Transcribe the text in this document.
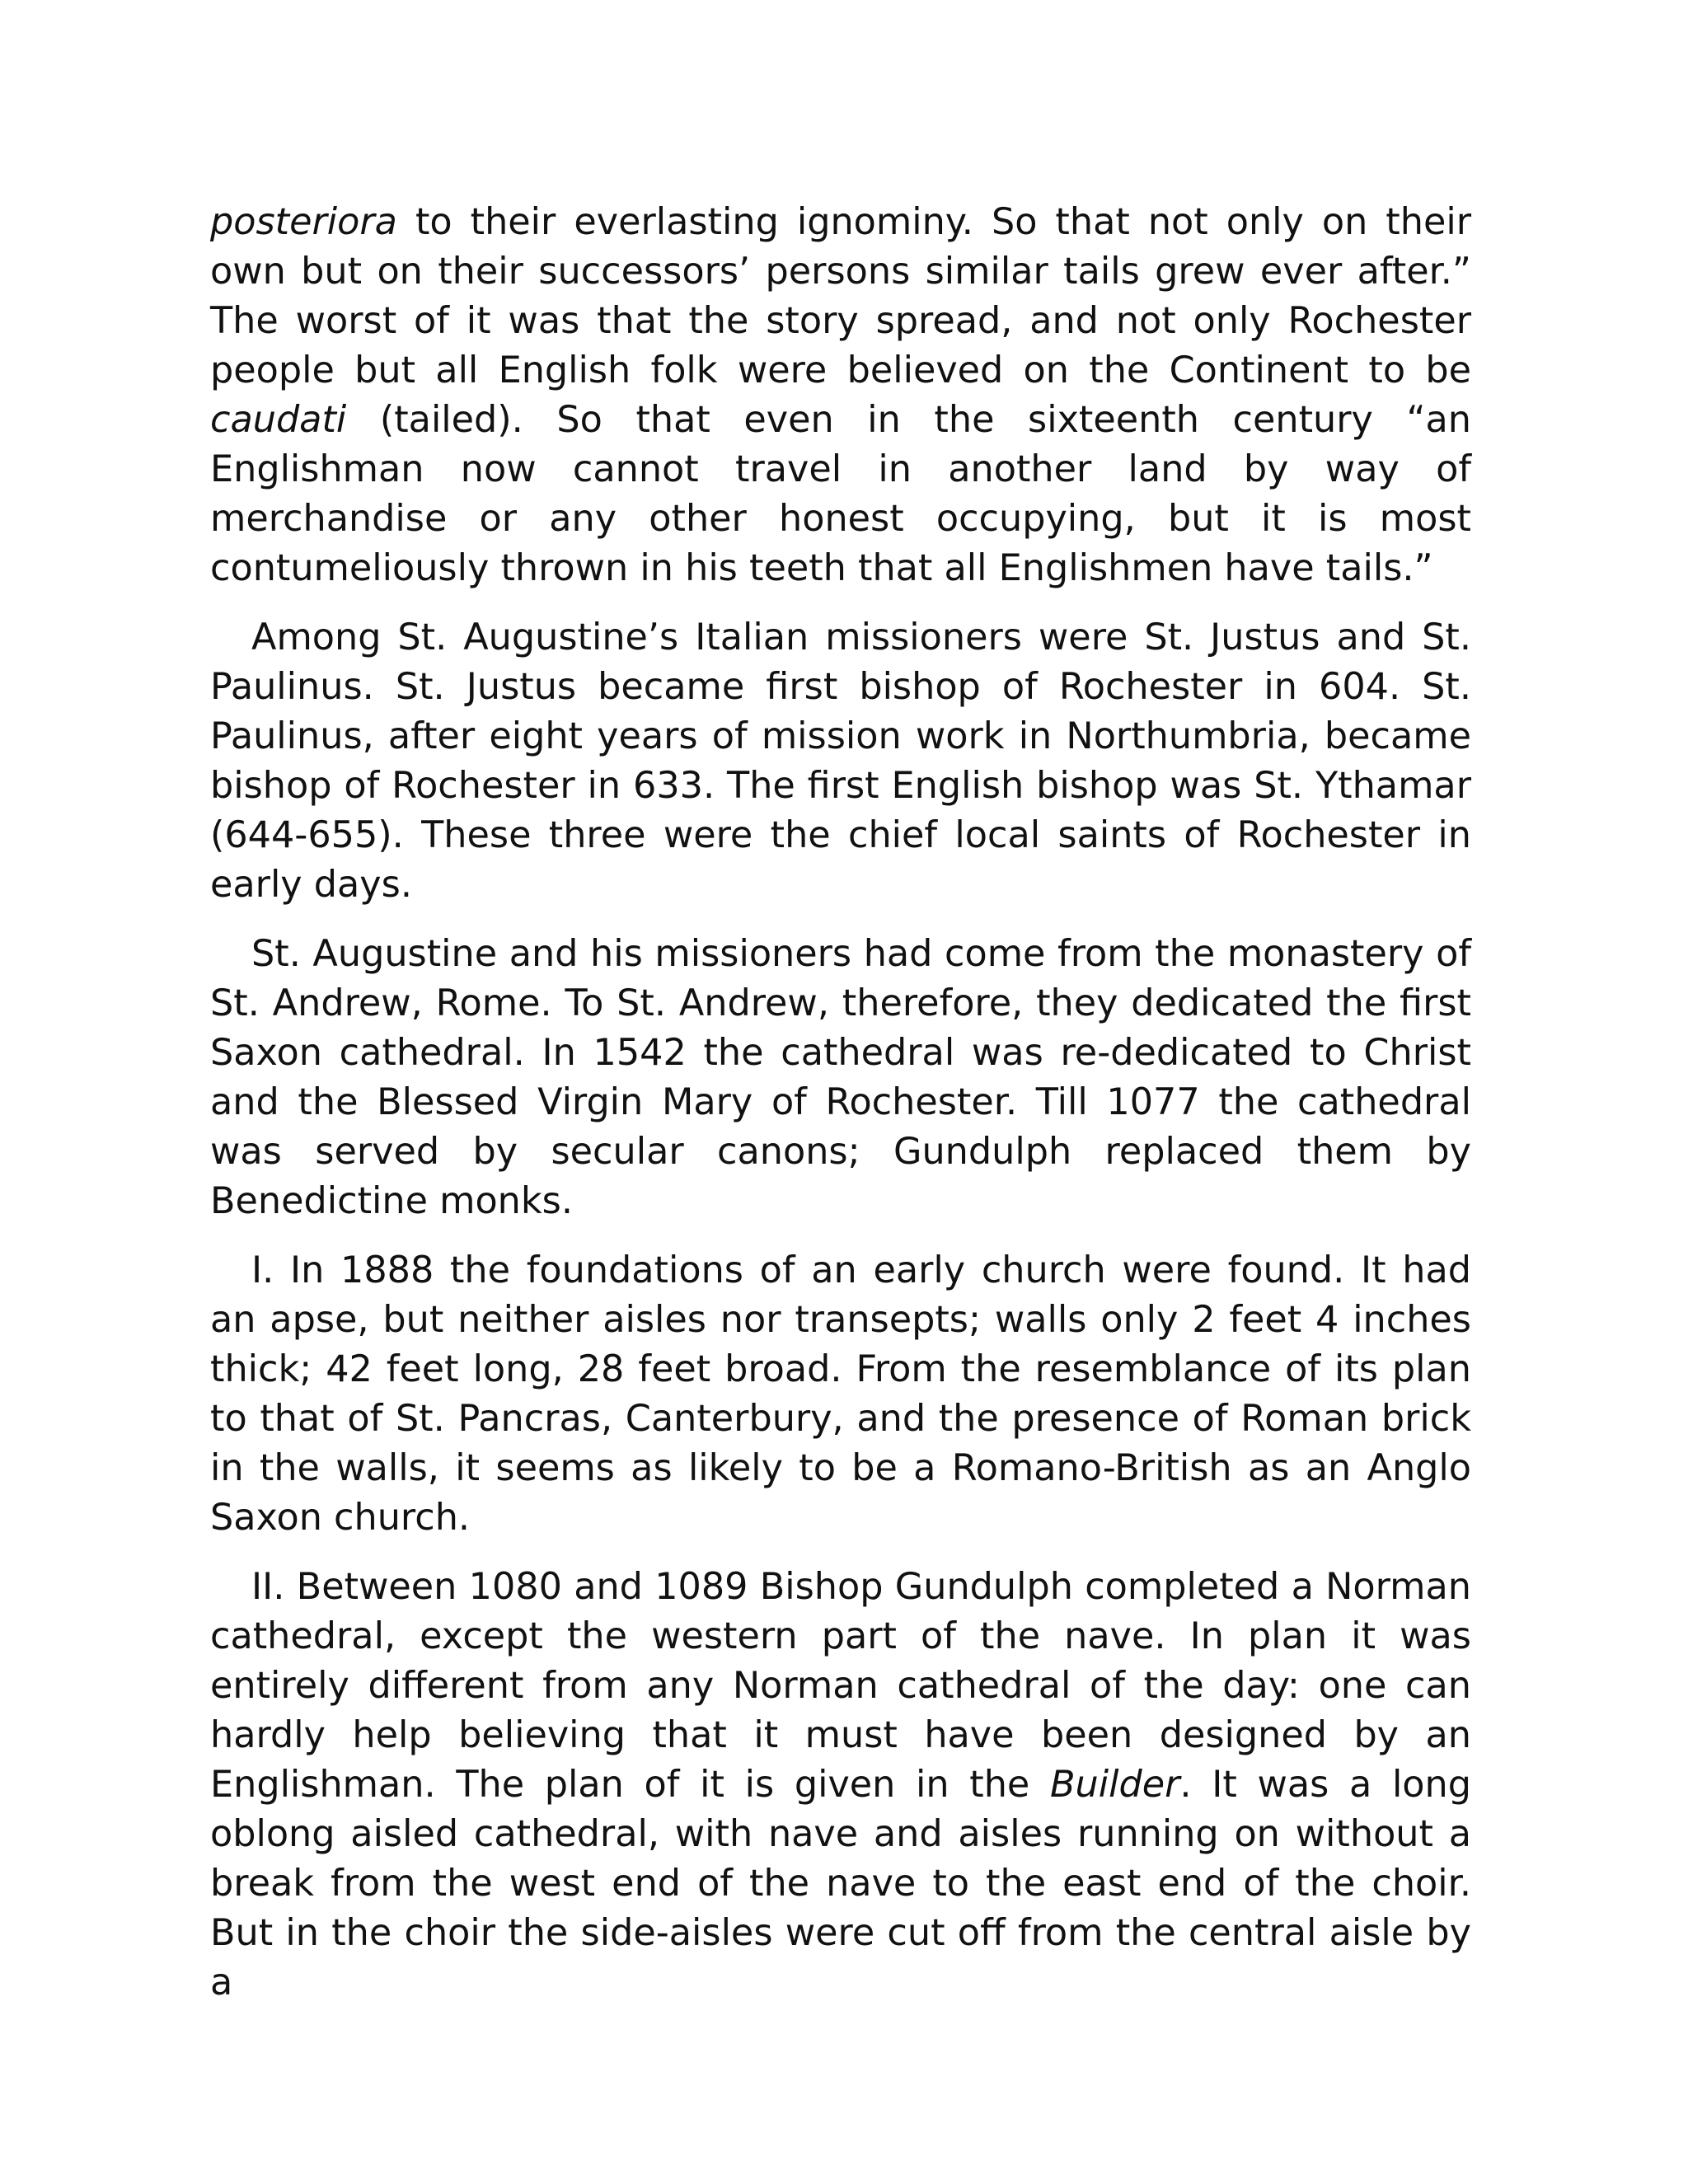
posteriora to their everlasting ignominy. So that not only on their own but on their successors’ persons similar tails grew ever after.” The worst of it was that the story spread, and not only Rochester people but all English folk were believed on the Continent to be caudati (tailed). So that even in the sixteenth century “an Englishman now cannot travel in another land by way of merchandise or any other honest occupying, but it is most contumeliously thrown in his teeth that all Englishmen have tails.”

Among St. Augustine’s Italian missioners were St. Justus and St. Paulinus. St. Justus became first bishop of Rochester in 604. St. Paulinus, after eight years of mission work in Northumbria, became bishop of Rochester in 633. The first English bishop was St. Ythamar (644-655). These three were the chief local saints of Rochester in early days.

St. Augustine and his missioners had come from the monastery of St. Andrew, Rome. To St. Andrew, therefore, they dedicated the first Saxon cathedral. In 1542 the cathedral was re-dedicated to Christ and the Blessed Virgin Mary of Rochester. Till 1077 the cathedral was served by secular canons; Gundulph replaced them by Benedictine monks.

I. In 1888 the foundations of an early church were found. It had an apse, but neither aisles nor transepts; walls only 2 feet 4 inches thick; 42 feet long, 28 feet broad. From the resemblance of its plan to that of St. Pancras, Canterbury, and the presence of Roman brick in the walls, it seems as likely to be a Romano-British as an Anglo Saxon church.

II. Between 1080 and 1089 Bishop Gundulph completed a Norman cathedral, except the western part of the nave. In plan it was entirely different from any Norman cathedral of the day: one can hardly help believing that it must have been designed by an Englishman. The plan of it is given in the Builder. It was a long oblong aisled cathedral, with nave and aisles running on without a break from the west end of the nave to the east end of the choir. But in the choir the side-aisles were cut off from the central aisle by a
